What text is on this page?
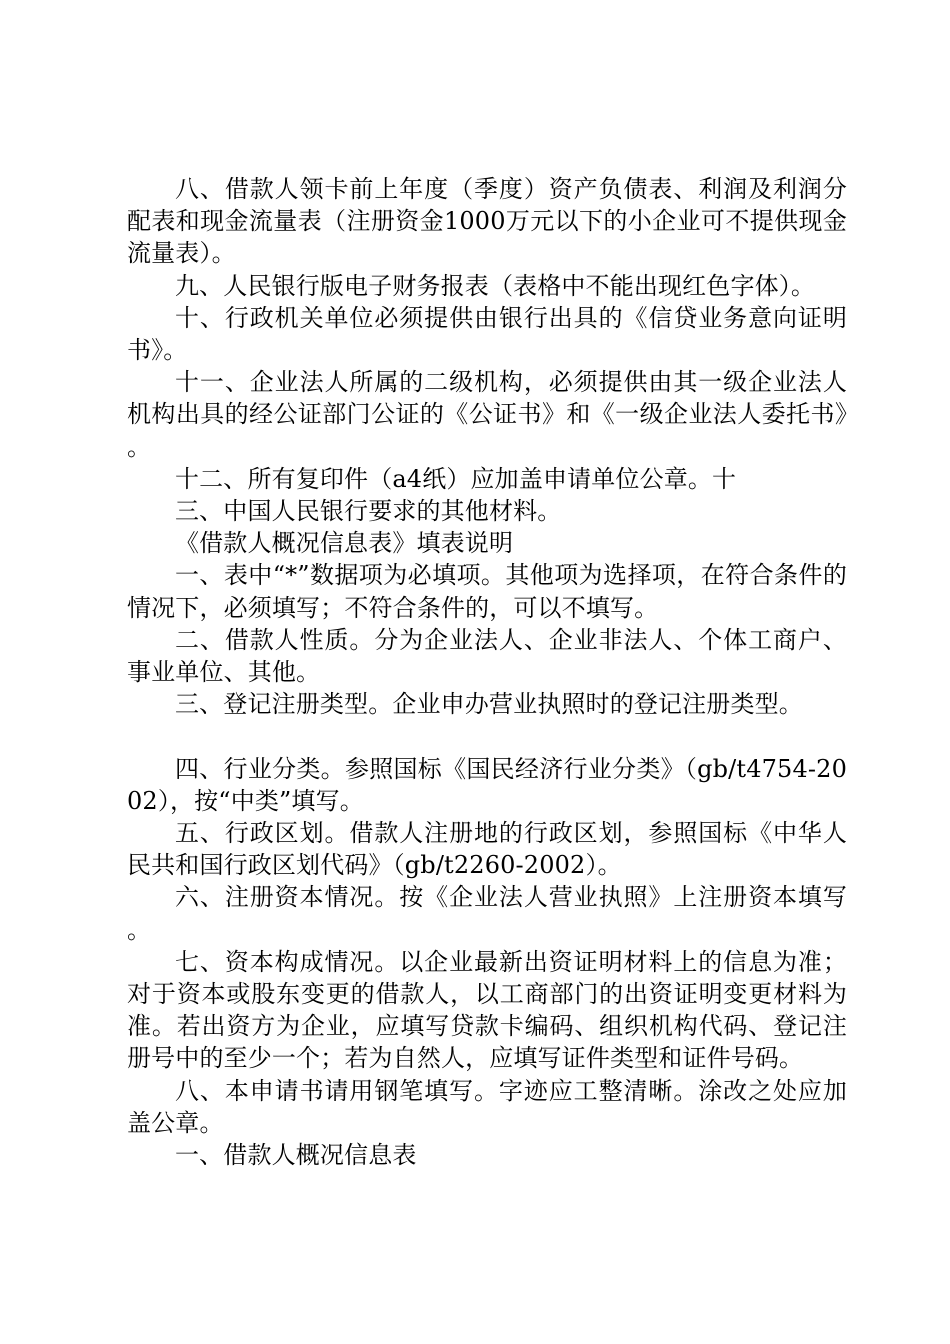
八、借款人领卡前上年度（季度）资产负债表、利润及利润分配表和现金流量表（注册资金1000万元以下的小企业可不提供现金流量表）。

九、人民银行版电子财务报表（表格中不能出现红色字体）。

十、行政机关单位必须提供由银行出具的《信贷业务意向证明书》。

十一、企业法人所属的二级机构，必须提供由其一级企业法人机构出具的经公证部门公证的《公证书》和《一级企业法人委托书》。

十二、所有复印件（a4纸）应加盖申请单位公章。十

三、中国人民银行要求的其他材料。

《借款人概况信息表》填表说明

一、表中“*”数据项为必填项。其他项为选择项，在符合条件的情况下，必须填写；不符合条件的，可以不填写。

二、借款人性质。分为企业法人、企业非法人、个体工商户、事业单位、其他。

三、登记注册类型。企业申办营业执照时的登记注册类型。

四、行业分类。参照国标《国民经济行业分类》（gb/t4754-2002），按“中类”填写。

五、行政区划。借款人注册地的行政区划，参照国标《中华人民共和国行政区划代码》（gb/t2260-2002）。

六、注册资本情况。按《企业法人营业执照》上注册资本填写。

七、资本构成情况。以企业最新出资证明材料上的信息为准；对于资本或股东变更的借款人，以工商部门的出资证明变更材料为准。若出资方为企业，应填写贷款卡编码、组织机构代码、登记注册号中的至少一个；若为自然人，应填写证件类型和证件号码。

八、本申请书请用钢笔填写。字迹应工整清晰。涂改之处应加盖公章。

一、借款人概况信息表
